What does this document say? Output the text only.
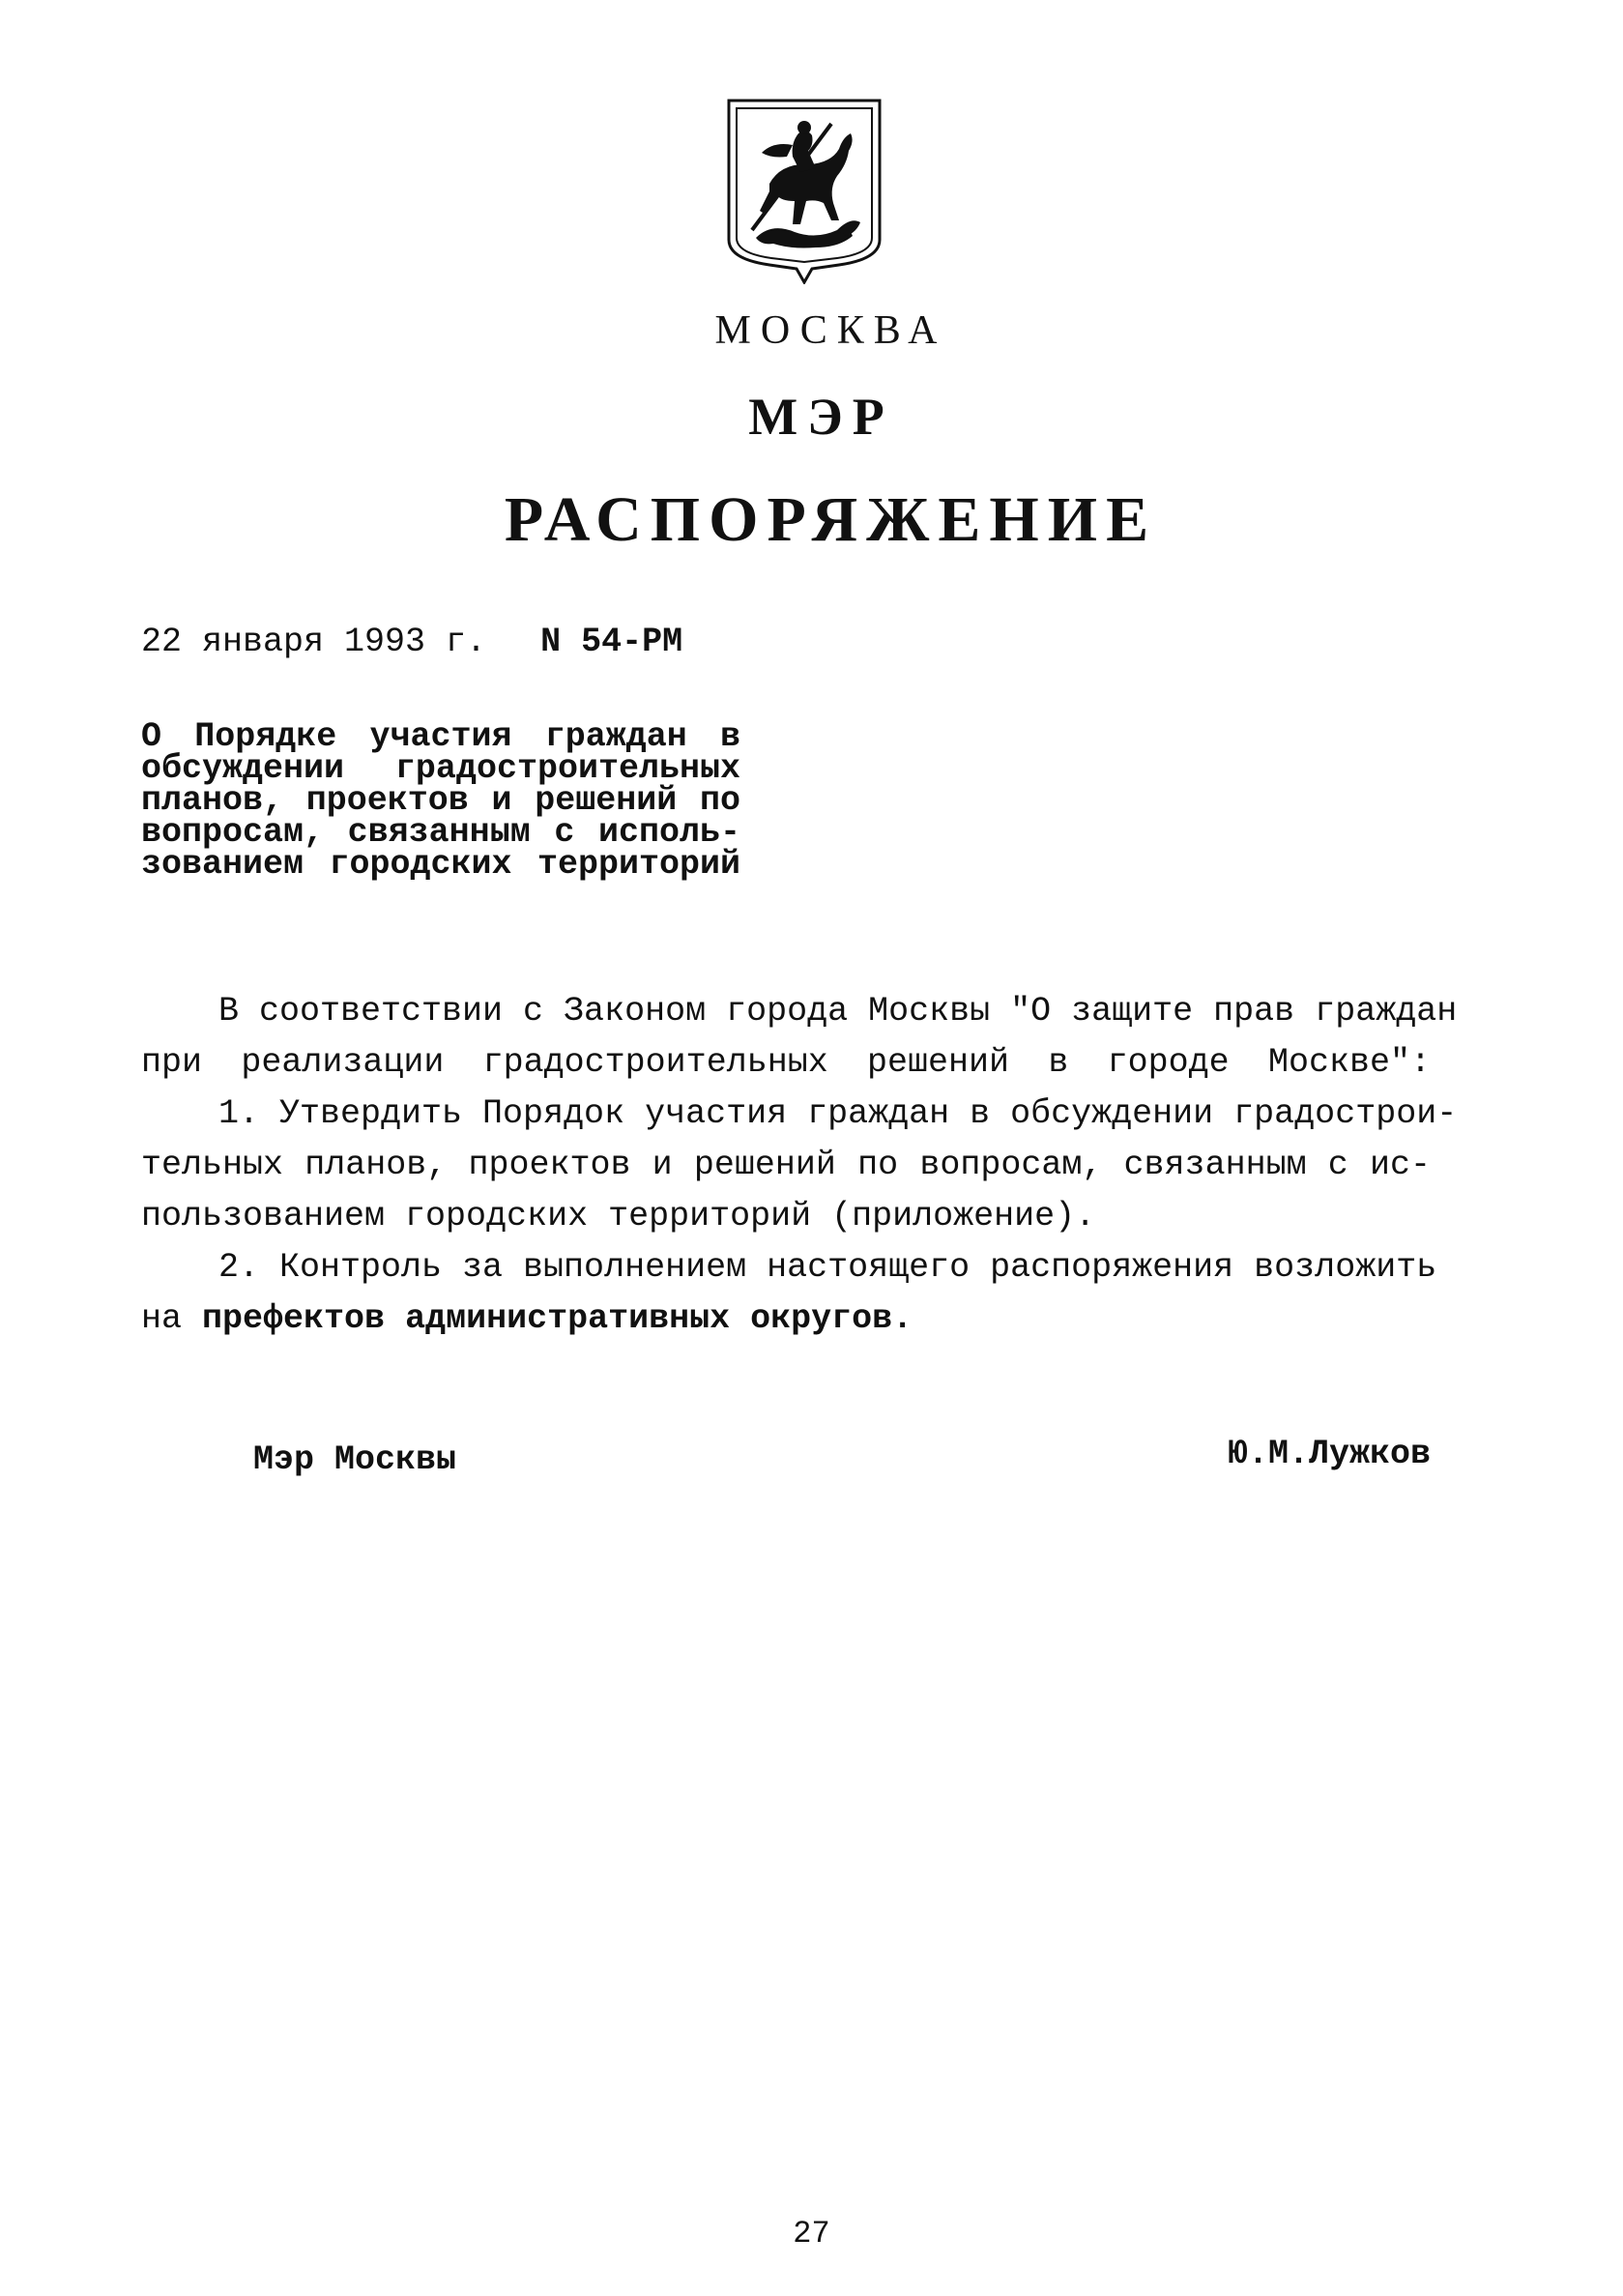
МОСКВА
МЭР
РАСПОРЯЖЕНИЕ
22 января 1993 г. N 54-РМ
О Порядке участия граждан в
обсуждении градостроительных
планов, проектов и решений по
вопросам, связанным с исполь-
зованием городских территорий
В соответствии с Законом города Москвы "О защите прав граждан
при реализации градостроительных решений в городе Москве":
1. Утвердить Порядок участия граждан в обсуждении градострои-
тельных планов, проектов и решений по вопросам, связанным с ис-
пользованием городских территорий (приложение).
2. Контроль за выполнением настоящего распоряжения возложить
на префектов административных округов.
Мэр Москвы	Ю.М.Лужков
27
